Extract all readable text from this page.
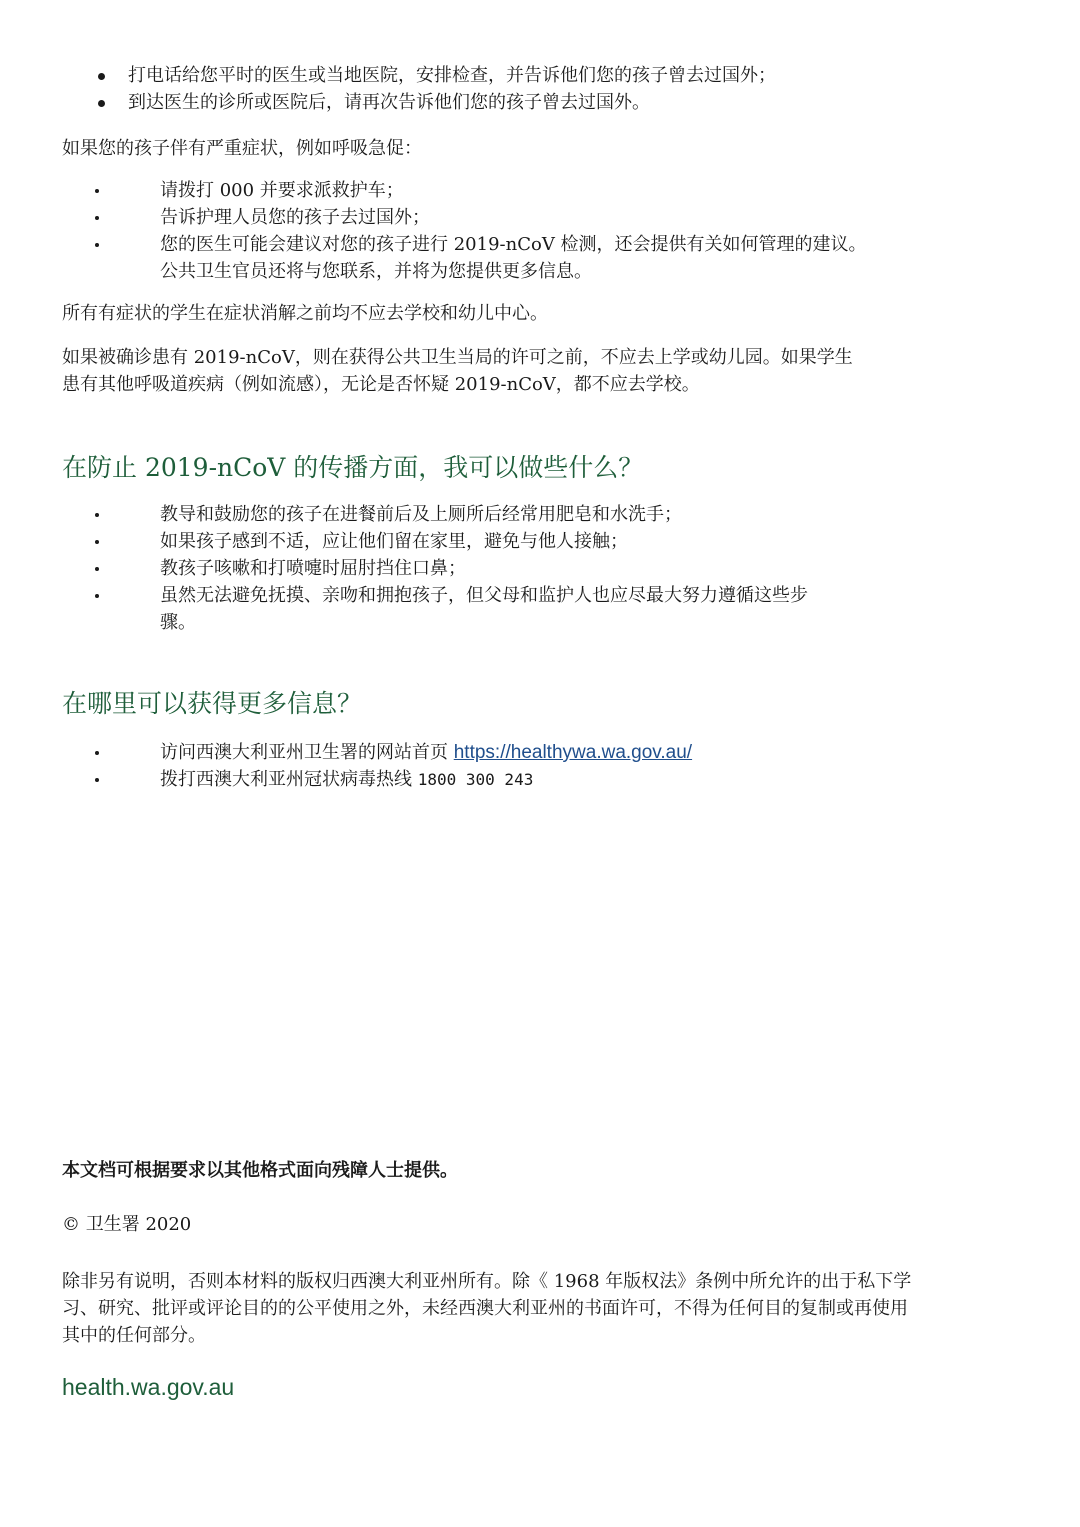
打电话给您平时的医生或当地医院，安排检查，并告诉他们您的孩子曾去过国外；
到达医生的诊所或医院后，请再次告诉他们您的孩子曾去过国外。

如果您的孩子伴有严重症状，例如呼吸急促：

请拨打 000 并要求派救护车；
告诉护理人员您的孩子去过国外；
您的医生可能会建议对您的孩子进行 2019-nCoV 检测，还会提供有关如何管理的建议。
公共卫生官员还将与您联系，并将为您提供更多信息。

所有有症状的学生在症状消解之前均不应去学校和幼儿中心。

如果被确诊患有 2019-nCoV，则在获得公共卫生当局的许可之前，不应去上学或幼儿园。如果学生

患有其他呼吸道疾病（例如流感），无论是否怀疑 2019-nCoV，都不应去学校。

在防止 2019-nCoV 的传播方面，我可以做些什么？
教导和鼓励您的孩子在进餐前后及上厕所后经常用肥皂和水洗手；
如果孩子感到不适，应让他们留在家里，避免与他人接触；
教孩子咳嗽和打喷嚏时屈肘挡住口鼻；
虽然无法避免抚摸、亲吻和拥抱孩子，但父母和监护人也应尽最大努力遵循这些步
骤。
在哪里可以获得更多信息？
访问西澳大利亚州卫生署的网站首页 https://healthywa.wa.gov.au/
拨打西澳大利亚州冠状病毒热线 1800 300 243
本文档可根据要求以其他格式面向残障人士提供。
© 卫生署 2020

除非另有说明，否则本材料的版权归西澳大利亚州所有。除《 1968 年版权法》条例中所允许的出于私下学

习、研究、批评或评论目的的公平使用之外，未经西澳大利亚州的书面许可，不得为任何目的复制或再使用

其中的任何部分。

health.wa.gov.au
